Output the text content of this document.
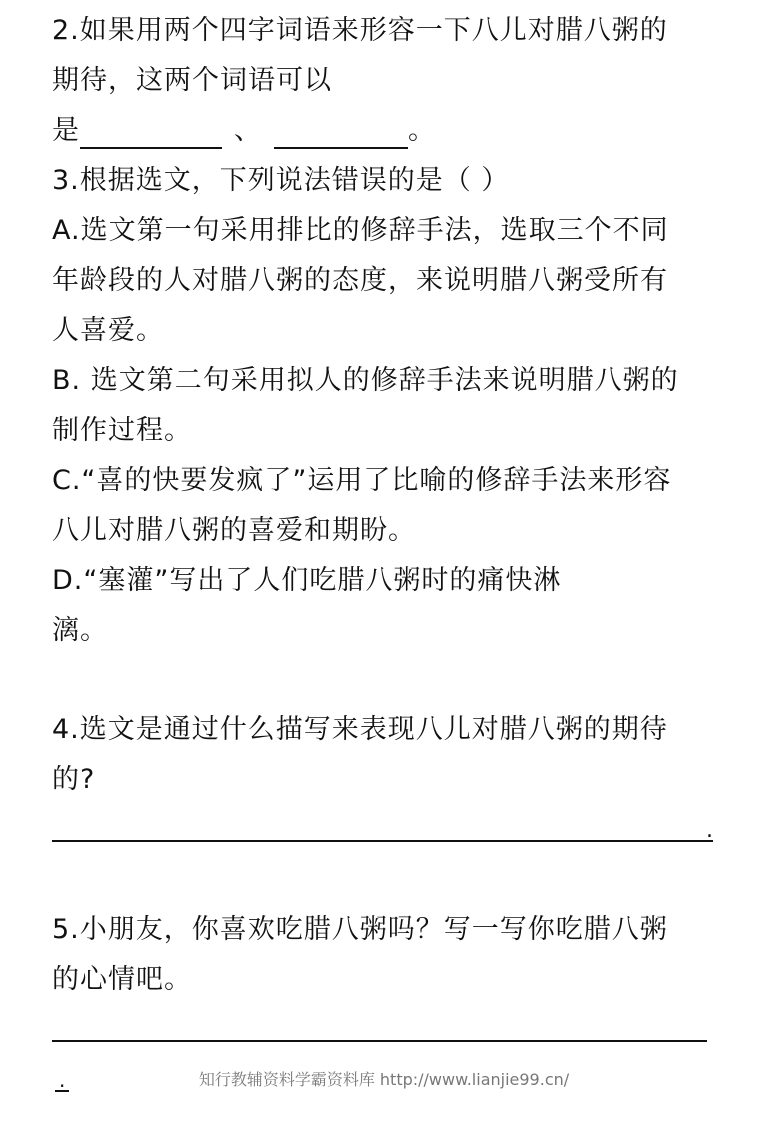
2.如果用两个四字词语来形容一下八儿对腊八粥的
期待，这两个词语可以
是	、	。
3.根据选文，下列说法错误的是（ ）
A.选文第一句采用排比的修辞手法，选取三个不同
年龄段的人对腊八粥的态度，来说明腊八粥受所有
人喜爱。
B. 选文第二句采用拟人的修辞手法来说明腊八粥的
制作过程。
C.“喜的快要发疯了”运用了比喻的修辞手法来形容
八儿对腊八粥的喜爱和期盼。
D.“塞灌”写出了人们吃腊八粥时的痛快淋
漓。
4.选文是通过什么描写来表现八儿对腊八粥的期待
的?
.
5.小朋友，你喜欢吃腊八粥吗？写一写你吃腊八粥
的心情吧。
.	知行教辅资料学霸资料库 http://www.lianjie99.cn/
